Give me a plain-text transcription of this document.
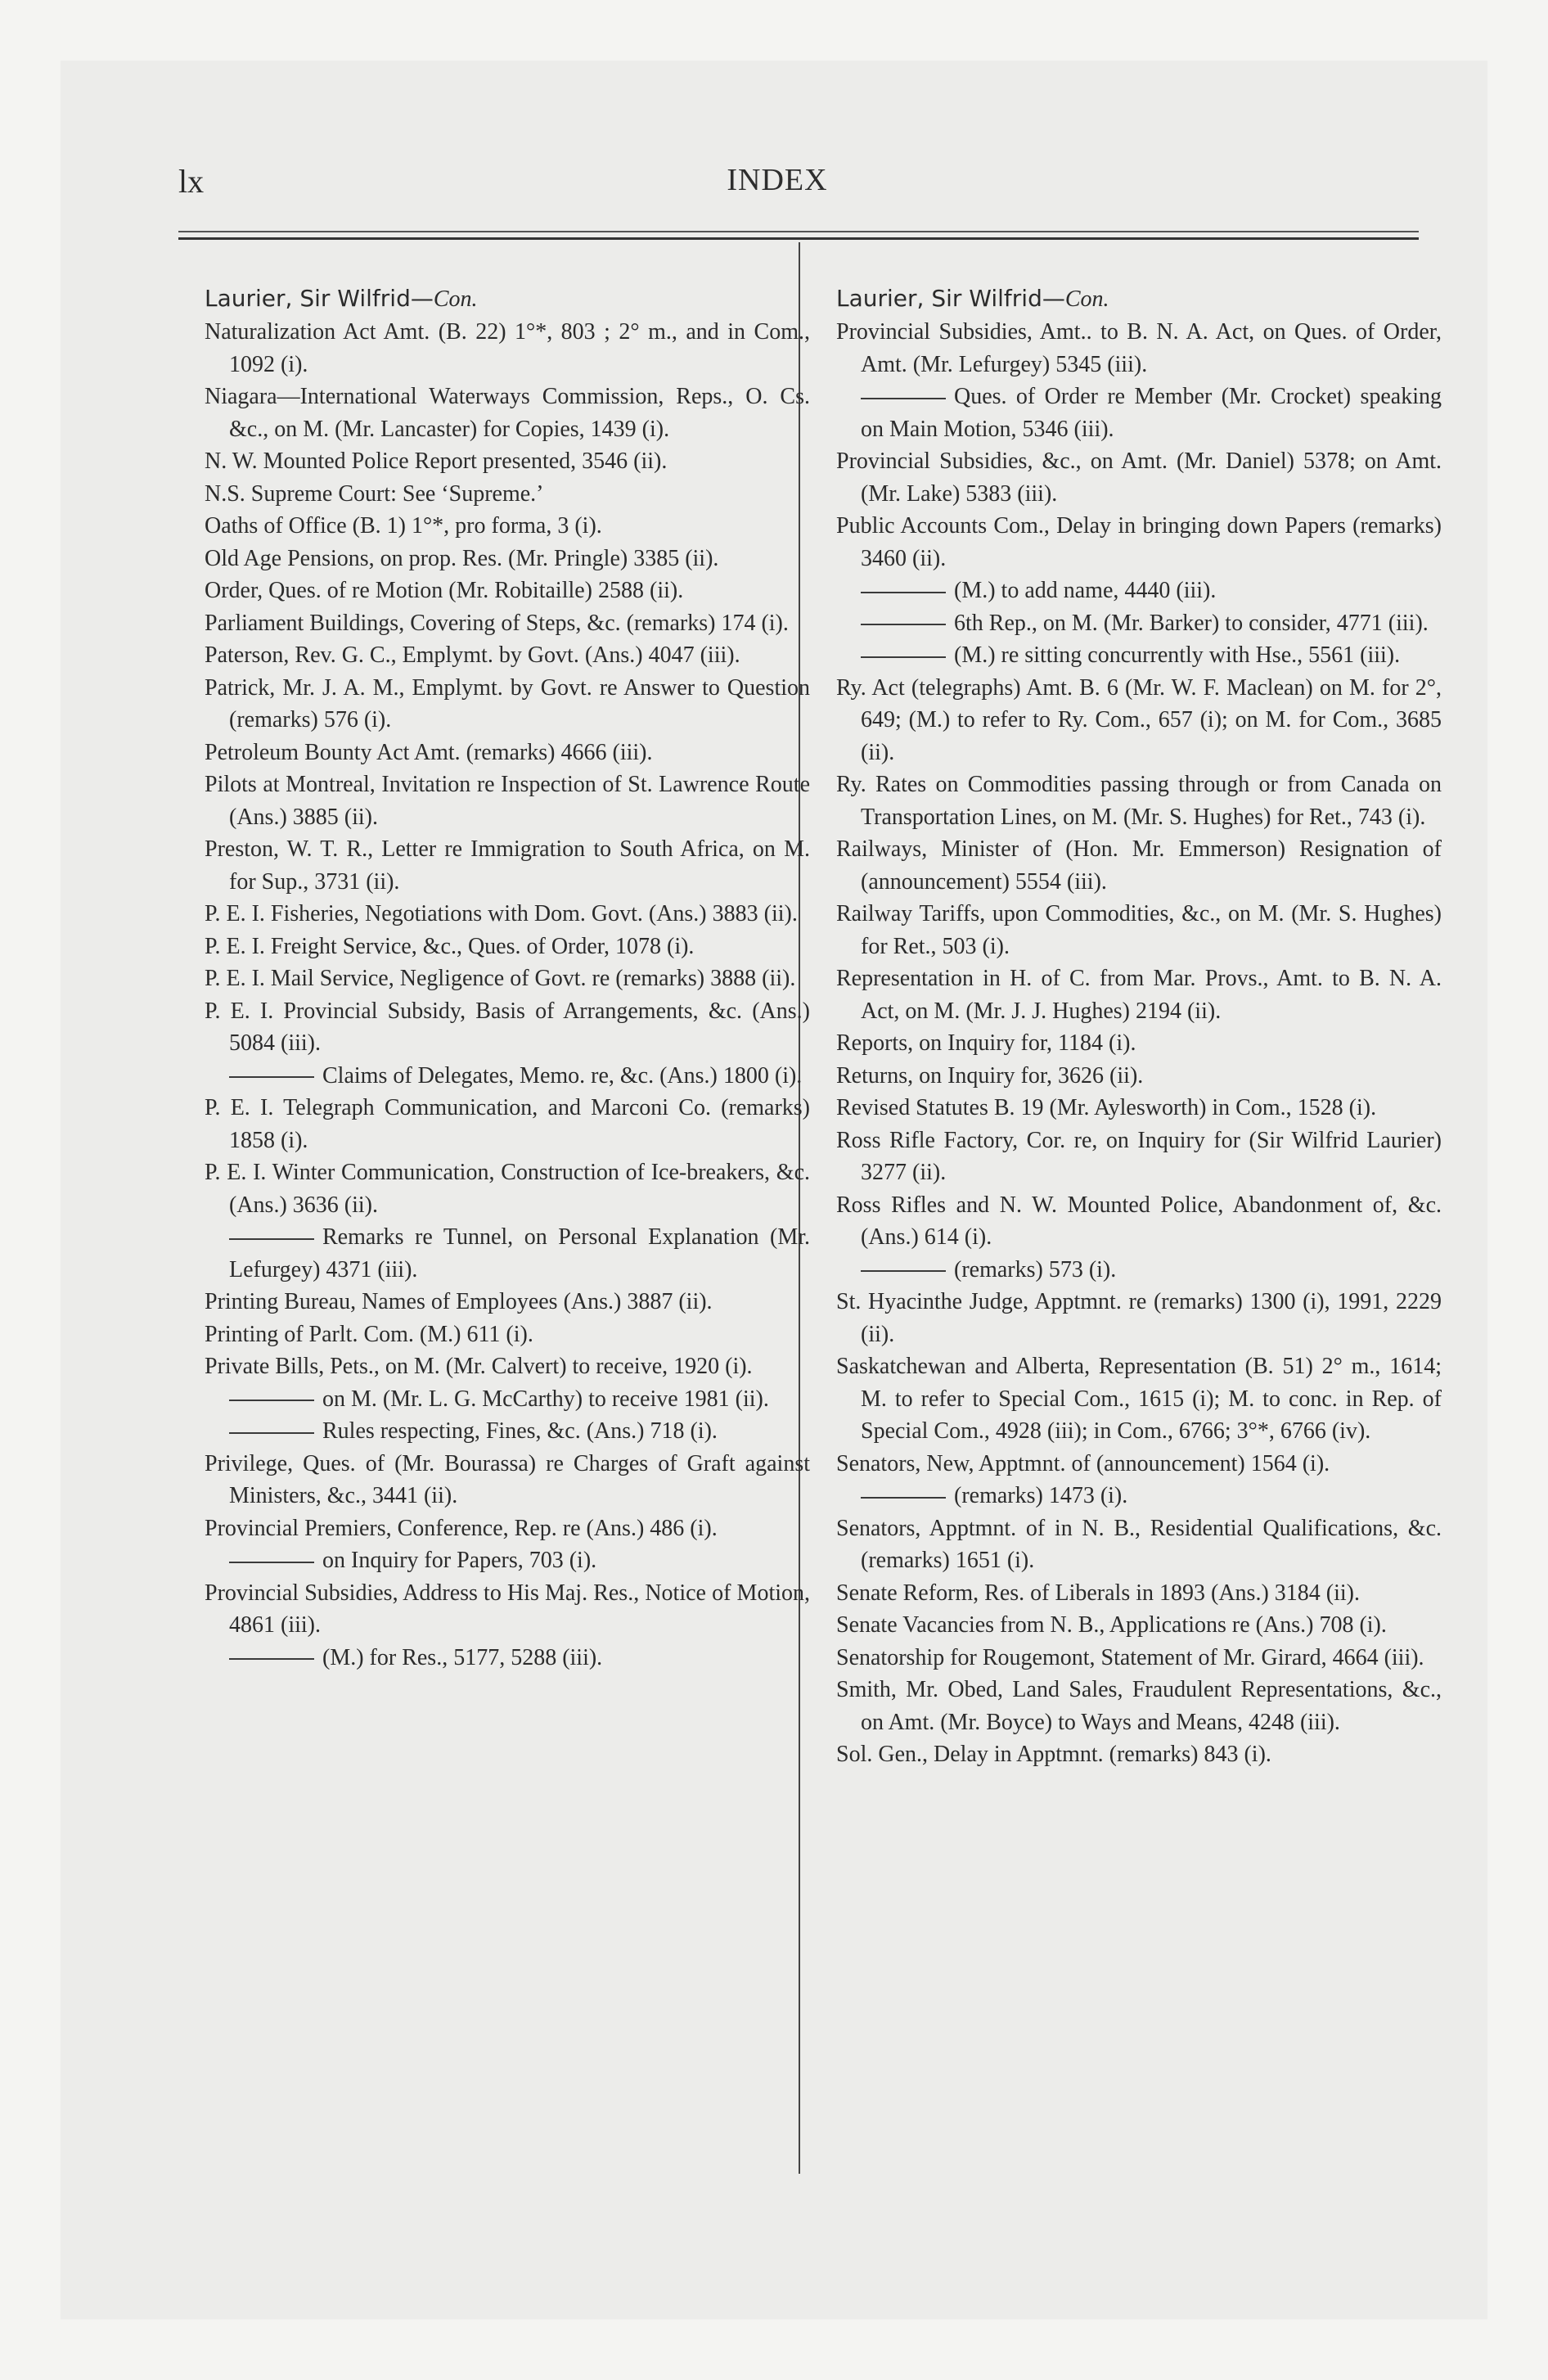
lx	INDEX
Laurier, Sir Wilfrid—Con.

Naturalization Act Amt. (B. 22) 1°*, 803 ; 2° m., and in Com., 1092 (i).

Niagara—International Waterways Commission, Reps., O. Cs. &c., on M. (Mr. Lancaster) for Copies, 1439 (i).

N. W. Mounted Police Report presented, 3546 (ii).

N.S. Supreme Court: See ‘Supreme.’

Oaths of Office (B. 1) 1°*, pro forma, 3 (i).

Old Age Pensions, on prop. Res. (Mr. Pringle) 3385 (ii).

Order, Ques. of re Motion (Mr. Robitaille) 2588 (ii).

Parliament Buildings, Covering of Steps, &c. (remarks) 174 (i).

Paterson, Rev. G. C., Emplymt. by Govt. (Ans.) 4047 (iii).

Patrick, Mr. J. A. M., Emplymt. by Govt. re Answer to Question (remarks) 576 (i).

Petroleum Bounty Act Amt. (remarks) 4666 (iii).

Pilots at Montreal, Invitation re Inspection of St. Lawrence Route (Ans.) 3885 (ii).

Preston, W. T. R., Letter re Immigration to South Africa, on M. for Sup., 3731 (ii).

P. E. I. Fisheries, Negotiations with Dom. Govt. (Ans.) 3883 (ii).

P. E. I. Freight Service, &c., Ques. of Order, 1078 (i).

P. E. I. Mail Service, Negligence of Govt. re (remarks) 3888 (ii).

P. E. I. Provincial Subsidy, Basis of Arrangements, &c. (Ans.) 5084 (iii).

Claims of Delegates, Memo. re, &c. (Ans.) 1800 (i).

P. E. I. Telegraph Communication, and Marconi Co. (remarks) 1858 (i).

P. E. I. Winter Communication, Construction of Ice-breakers, &c. (Ans.) 3636 (ii).

Remarks re Tunnel, on Personal Explanation (Mr. Lefurgey) 4371 (iii).

Printing Bureau, Names of Employees (Ans.) 3887 (ii).

Printing of Parlt. Com. (M.) 611 (i).

Private Bills, Pets., on M. (Mr. Calvert) to receive, 1920 (i).

on M. (Mr. L. G. McCarthy) to receive 1981 (ii).

Rules respecting, Fines, &c. (Ans.) 718 (i).

Privilege, Ques. of (Mr. Bourassa) re Charges of Graft against Ministers, &c., 3441 (ii).

Provincial Premiers, Conference, Rep. re (Ans.) 486 (i).

on Inquiry for Papers, 703 (i).

Provincial Subsidies, Address to His Maj. Res., Notice of Motion, 4861 (iii).

(M.) for Res., 5177, 5288 (iii).

Laurier, Sir Wilfrid—Con.

Provincial Subsidies, Amt.. to B. N. A. Act, on Ques. of Order, Amt. (Mr. Lefurgey) 5345 (iii).

Ques. of Order re Member (Mr. Crocket) speaking on Main Motion, 5346 (iii).

Provincial Subsidies, &c., on Amt. (Mr. Daniel) 5378; on Amt. (Mr. Lake) 5383 (iii).

Public Accounts Com., Delay in bringing down Papers (remarks) 3460 (ii).

(M.) to add name, 4440 (iii).

6th Rep., on M. (Mr. Barker) to consider, 4771 (iii).

(M.) re sitting concurrently with Hse., 5561 (iii).

Ry. Act (telegraphs) Amt. B. 6 (Mr. W. F. Maclean) on M. for 2°, 649; (M.) to refer to Ry. Com., 657 (i); on M. for Com., 3685 (ii).

Ry. Rates on Commodities passing through or from Canada on Transportation Lines, on M. (Mr. S. Hughes) for Ret., 743 (i).

Railways, Minister of (Hon. Mr. Emmerson) Resignation of (announcement) 5554 (iii).

Railway Tariffs, upon Commodities, &c., on M. (Mr. S. Hughes) for Ret., 503 (i).

Representation in H. of C. from Mar. Provs., Amt. to B. N. A. Act, on M. (Mr. J. J. Hughes) 2194 (ii).

Reports, on Inquiry for, 1184 (i).

Returns, on Inquiry for, 3626 (ii).

Revised Statutes B. 19 (Mr. Aylesworth) in Com., 1528 (i).

Ross Rifle Factory, Cor. re, on Inquiry for (Sir Wilfrid Laurier) 3277 (ii).

Ross Rifles and N. W. Mounted Police, Abandonment of, &c. (Ans.) 614 (i).

(remarks) 573 (i).

St. Hyacinthe Judge, Apptmnt. re (remarks) 1300 (i), 1991, 2229 (ii).

Saskatchewan and Alberta, Representation (B. 51) 2° m., 1614; M. to refer to Special Com., 1615 (i); M. to conc. in Rep. of Special Com., 4928 (iii); in Com., 6766; 3°*, 6766 (iv).

Senators, New, Apptmnt. of (announcement) 1564 (i).

(remarks) 1473 (i).

Senators, Apptmnt. of in N. B., Residential Qualifications, &c. (remarks) 1651 (i).

Senate Reform, Res. of Liberals in 1893 (Ans.) 3184 (ii).

Senate Vacancies from N. B., Applications re (Ans.) 708 (i).

Senatorship for Rougemont, Statement of Mr. Girard, 4664 (iii).

Smith, Mr. Obed, Land Sales, Fraudulent Representations, &c., on Amt. (Mr. Boyce) to Ways and Means, 4248 (iii).

Sol. Gen., Delay in Apptmnt. (remarks) 843 (i).
